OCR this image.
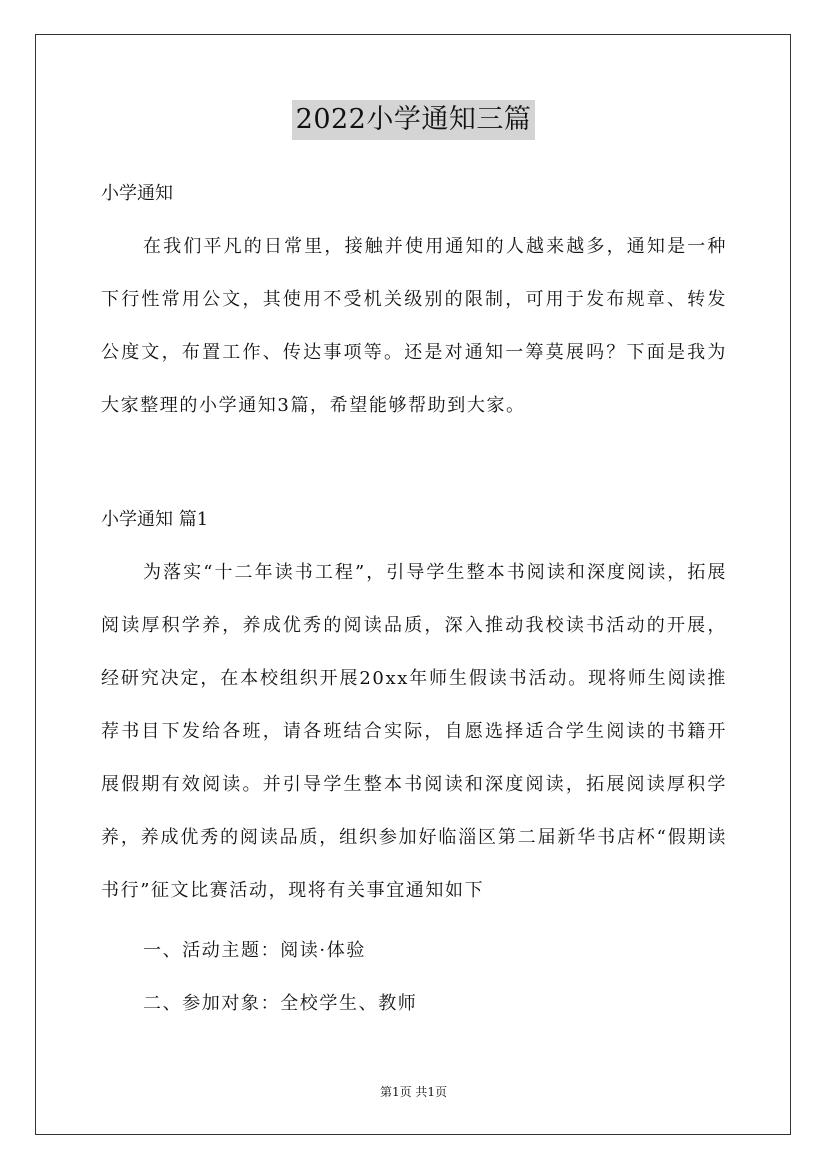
2022小学通知三篇
小学通知
在我们平凡的日常里，接触并使用通知的人越来越多，通知是一种下行性常用公文，其使用不受机关级别的限制，可用于发布规章、转发公度文，布置工作、传达事项等。还是对通知一筹莫展吗？下面是我为大家整理的小学通知3篇，希望能够帮助到大家。
小学通知 篇1
为落实“十二年读书工程”，引导学生整本书阅读和深度阅读，拓展阅读厚积学养，养成优秀的阅读品质，深入推动我校读书活动的开展，经研究决定，在本校组织开展20xx年师生假读书活动。现将师生阅读推荐书目下发给各班，请各班结合实际，自愿选择适合学生阅读的书籍开展假期有效阅读。并引导学生整本书阅读和深度阅读，拓展阅读厚积学养，养成优秀的阅读品质，组织参加好临淄区第二届新华书店杯“假期读书行”征文比赛活动，现将有关事宜通知如下
一、活动主题：阅读·体验
二、参加对象：全校学生、教师
第1页 共1页
